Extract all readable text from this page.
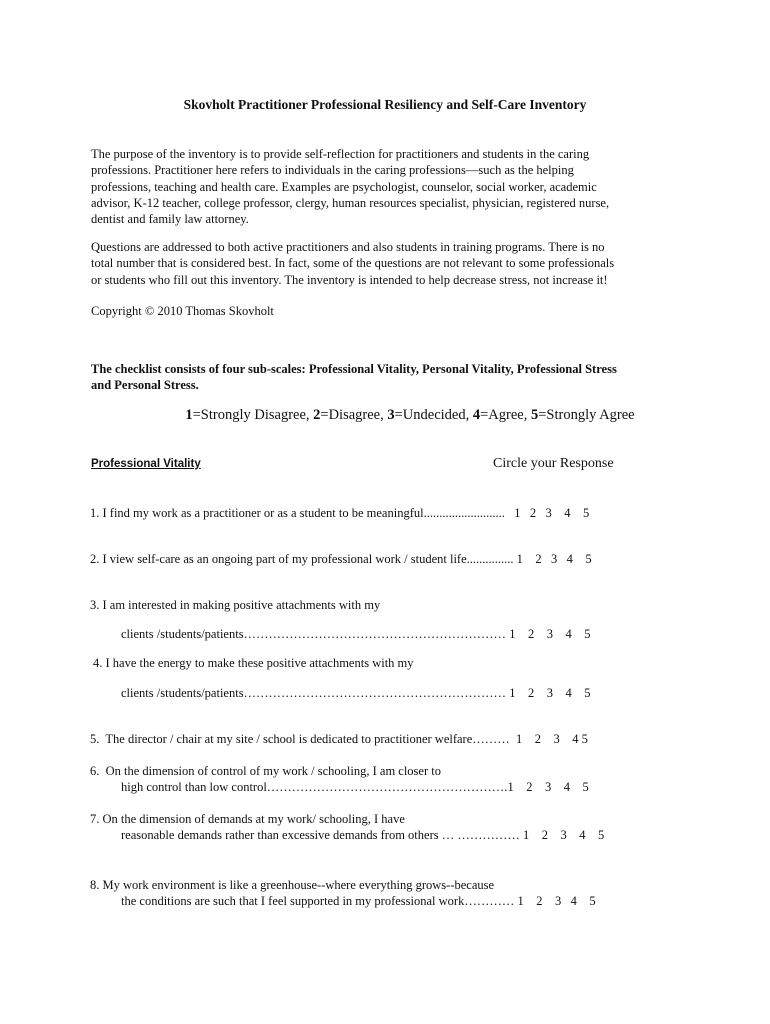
Skovholt Practitioner Professional Resiliency and Self-Care Inventory

The purpose of the inventory is to provide self-reflection for practitioners and students in the caring
professions. Practitioner here refers to individuals in the caring professions—such as the helping
professions, teaching and health care. Examples are psychologist, counselor, social worker, academic
advisor, K-12 teacher, college professor, clergy, human resources specialist, physician, registered nurse,
dentist and family law attorney.

Questions are addressed to both active practitioners and also students in training programs. There is no
total number that is considered best. In fact, some of the questions are not relevant to some professionals
or students who fill out this inventory. The inventory is intended to help decrease stress, not increase it!

Copyright © 2010 Thomas Skovholt

The checklist consists of four sub-scales: Professional Vitality, Personal Vitality, Professional Stress
and Personal Stress.

1=Strongly Disagree, 2=Disagree, 3=Undecided, 4=Agree, 5=Strongly Agree

Professional Vitality	Circle your Response
1. I find my work as a practitioner or as a student to be meaningful.......................... 1   2   3    4    5
2. I view self-care as an ongoing part of my professional work / student life............... 1    2   3   4    5
3. I am interested in making positive attachments with my
clients /students/patients……………………………………………………… 1    2    3    4    5
4. I have the energy to make these positive attachments with my
clients /students/patients……………………………………………………… 1    2    3    4    5
5.  The director / chair at my site / school is dedicated to practitioner welfare……… 1    2    3    4 5
6.  On the dimension of control of my work / schooling, I am closer to
high control than low control………………………………………………….1    2    3    4    5
7. On the dimension of demands at my work/ schooling, I have
reasonable demands rather than excessive demands from others … …………… 1    2    3    4    5
8. My work environment is like a greenhouse--where everything grows--because
the conditions are such that I feel supported in my professional work………… 1    2    3   4    5
